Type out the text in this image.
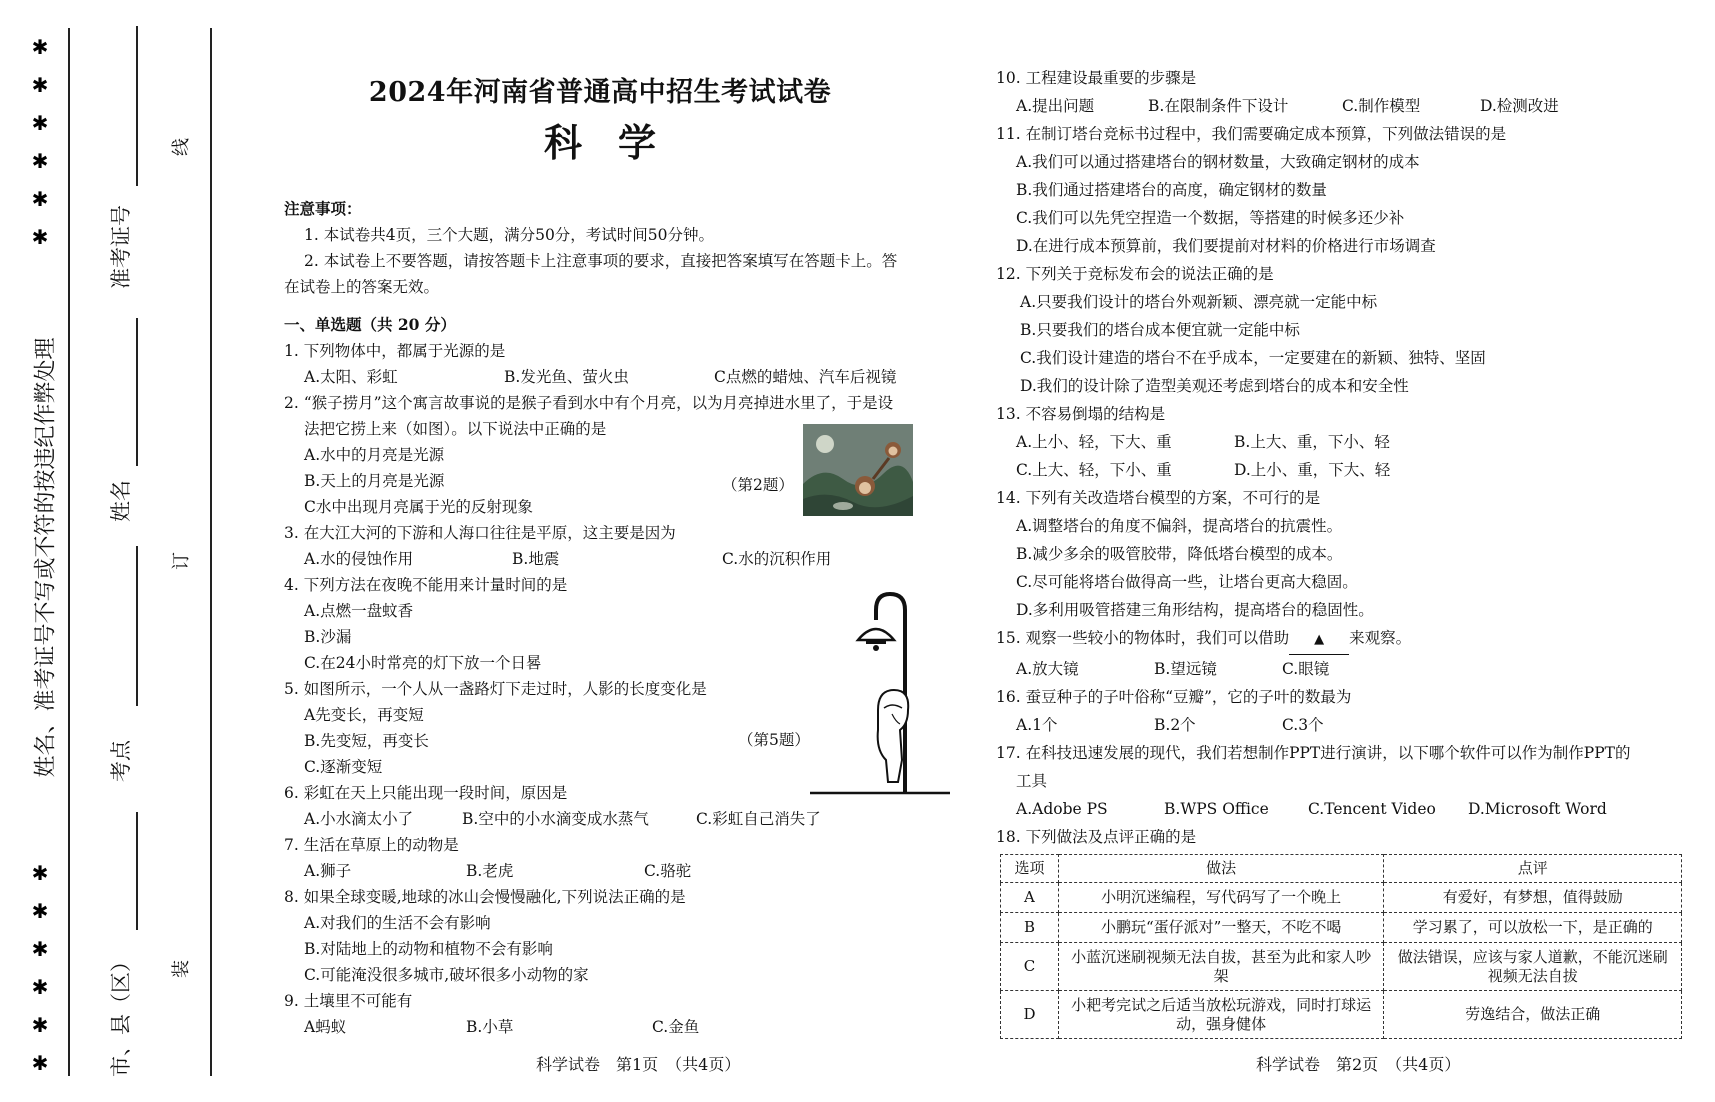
✱
✱
✱
✱
✱
✱
✱
✱
✱
✱
✱
✱
姓名、准考证号不写或不符的按违纪作弊处理
准考证号
姓名
考点
市、县（区）
线
订
装
2024年河南省普通高中招生考试试卷
科学
注意事项：
1. 本试卷共4页，三个大题，满分50分，考试时间50分钟。
2. 本试卷上不要答题，请按答题卡上注意事项的要求，直接把答案填写在答题卡上。答
在试卷上的答案无效。
一、单选题（共 20 分）
1. 下列物体中，都属于光源的是
A.太阳、彩虹	B.发光鱼、萤火虫	C点燃的蜡烛、汽车后视镜
2. “猴子捞月”这个寓言故事说的是猴子看到水中有个月亮，以为月亮掉进水里了，于是设
法把它捞上来（如图）。以下说法中正确的是
A.水中的月亮是光源
B.天上的月亮是光源
C水中出现月亮属于光的反射现象
3. 在大江大河的下游和人海口往往是平原，这主要是因为
A.水的侵蚀作用	B.地震	C.水的沉积作用
4. 下列方法在夜晚不能用来计量时间的是
A.点燃一盘蚊香
B.沙漏
C.在24小时常亮的灯下放一个日晷
5. 如图所示，一个人从一盏路灯下走过时，人影的长度变化是
A先变长，再变短
B.先变短，再变长
C.逐渐变短
6. 彩虹在天上只能出现一段时间，原因是
A.小水滴太小了	B.空中的小水滴变成水蒸气	C.彩虹自己消失了
7. 生活在草原上的动物是
A.狮子	B.老虎	C.骆驼
8. 如果全球变暖,地球的冰山会慢慢融化,下列说法正确的是
A.对我们的生活不会有影响
B.对陆地上的动物和植物不会有影响
C.可能淹没很多城市,破坏很多小动物的家
9. 土壤里不可能有
A蚂蚁	B.小草	C.金鱼
（第2题）
（第5题）
10. 工程建设最重要的步骤是
A.提出问题	B.在限制条件下设计	C.制作模型	D.检测改进
11. 在制订塔台竞标书过程中，我们需要确定成本预算，下列做法错误的是
A.我们可以通过搭建塔台的钢材数量，大致确定钢材的成本
B.我们通过搭建塔台的高度，确定钢材的数量
C.我们可以先凭空捏造一个数据，等搭建的时候多还少补
D.在进行成本预算前，我们要提前对材料的价格进行市场调查
12. 下列关于竞标发布会的说法正确的是
A.只要我们设计的塔台外观新颖、漂亮就一定能中标
B.只要我们的塔台成本便宜就一定能中标
C.我们设计建造的塔台不在乎成本，一定要建在的新颖、独特、坚固
D.我们的设计除了造型美观还考虑到塔台的成本和安全性
13. 不容易倒塌的结构是
A.上小、轻，下大、重	B.上大、重，下小、轻
C.上大、轻，下小、重	D.上小、重，下大、轻
14. 下列有关改造塔台模型的方案，不可行的是
A.调整塔台的角度不偏斜，提高塔台的抗震性。
B.减少多余的吸管胶带，降低塔台模型的成本。
C.尽可能将塔台做得高一些，让塔台更高大稳固。
D.多利用吸管搭建三角形结构，提高塔台的稳固性。
15. 观察一些较小的物体时，我们可以借助 ▲ 来观察。
A.放大镜	B.望远镜	C.眼镜
16. 蚕豆种子的子叶俗称“豆瓣”，它的子叶的数最为
A.1个	B.2个	C.3个
17. 在科技迅速发展的现代，我们若想制作PPT进行演讲，以下哪个软件可以作为制作PPT的
工具
A.Adobe PS	B.WPS Office	C.Tencent Video	D.Microsoft Word
18. 下列做法及点评正确的是
选项	做法	点评
A	小明沉迷编程，写代码写了一个晚上	有爱好，有梦想，值得鼓励
B	小鹏玩“蛋仔派对”一整天，不吃不喝	学习累了，可以放松一下，是正确的
C	小蓝沉迷刷视频无法自拔，甚至为此和家人吵架	做法错误，应该与家人道歉，不能沉迷刷视频无法自拔
D	小耙考完试之后适当放松玩游戏，同时打球运动，强身健体	劳逸结合，做法正确
科学试卷　第1页　（共4页）	科学试卷　第2页　（共4页）
